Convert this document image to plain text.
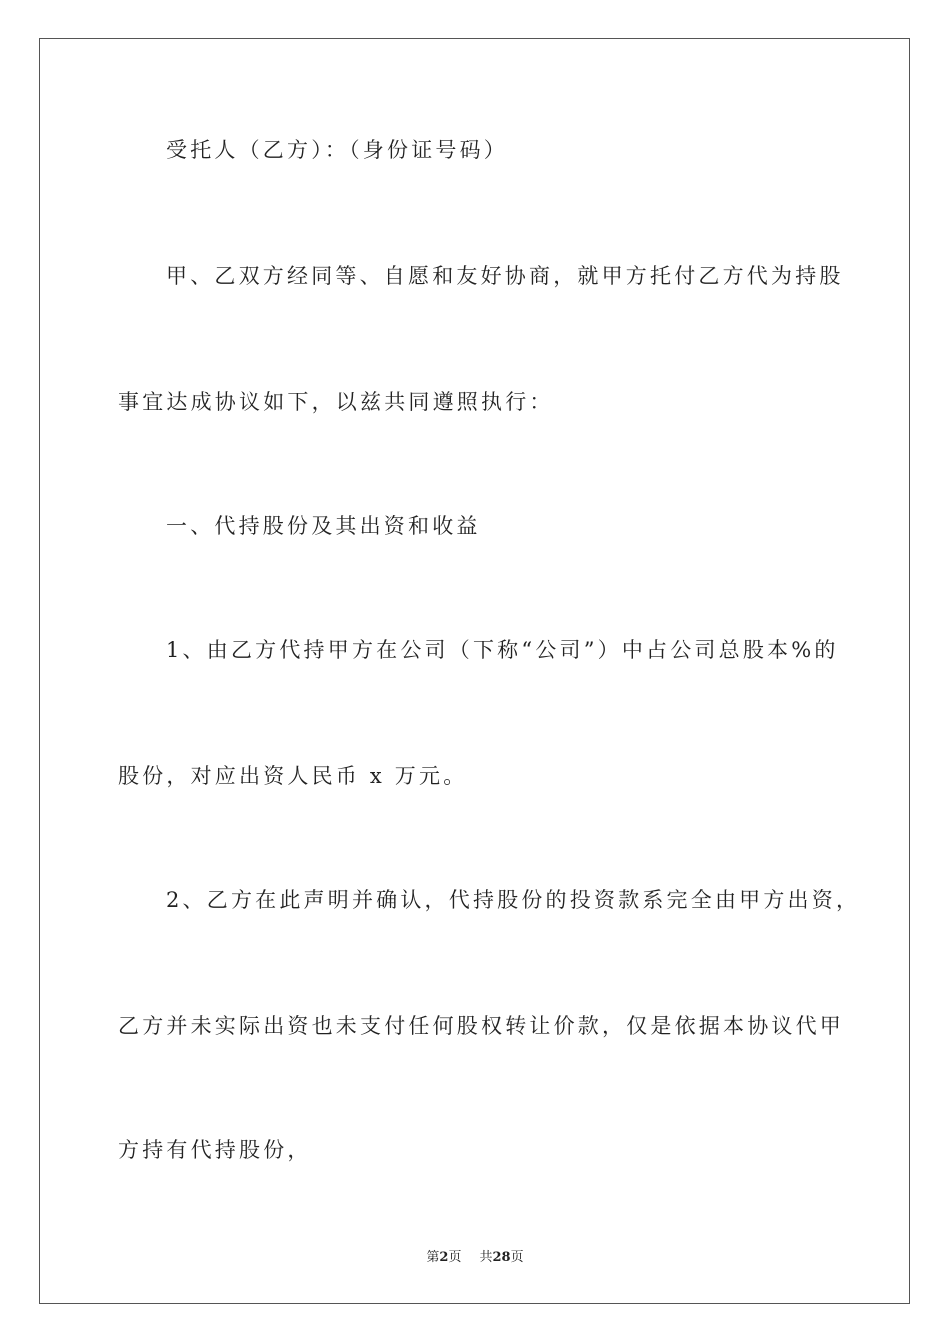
受托人（乙方）：（身份证号码）
甲、乙双方经同等、自愿和友好协商，就甲方托付乙方代为持股
事宜达成协议如下，以兹共同遵照执行：
一、代持股份及其出资和收益
1、由乙方代持甲方在公司（下称“公司”）中占公司总股本%的
股份，对应出资人民币 x 万元。
2、乙方在此声明并确认，代持股份的投资款系完全由甲方出资，
乙方并未实际出资也未支付任何股权转让价款，仅是依据本协议代甲
方持有代持股份，
第2页 共28页
